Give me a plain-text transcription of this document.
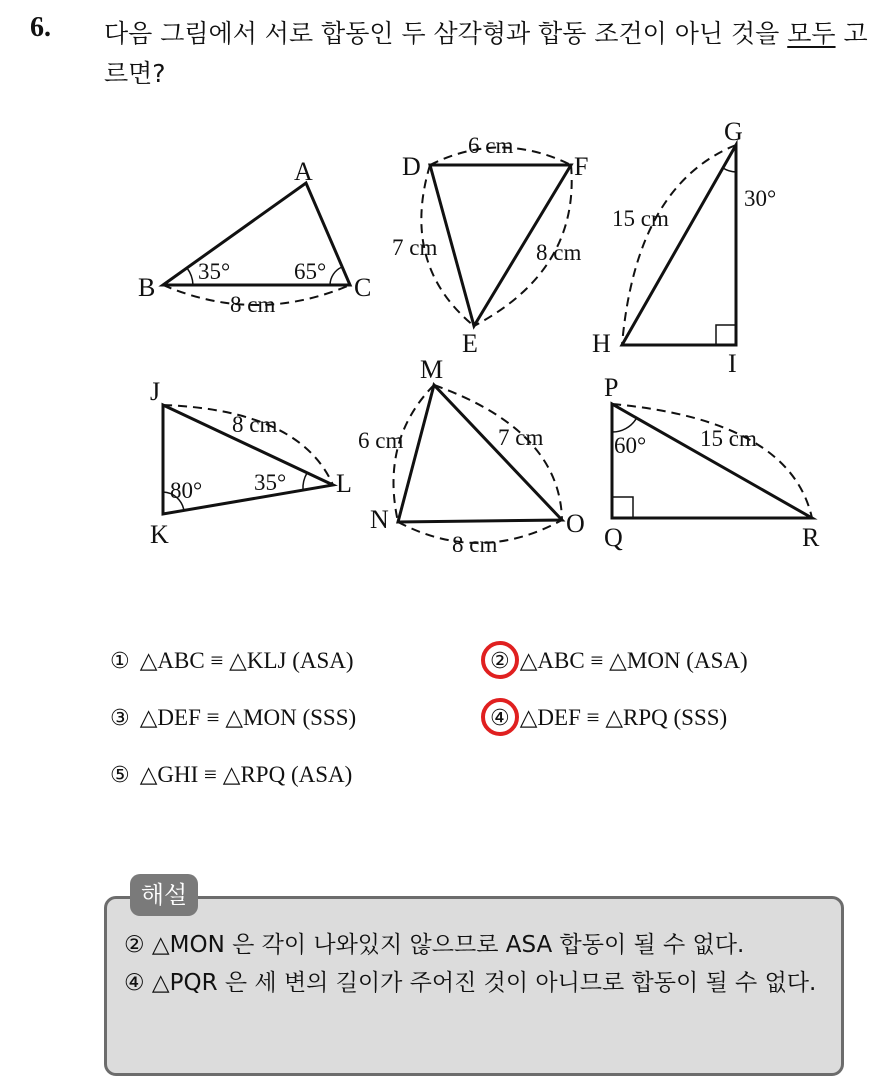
6. 다음 그림에서 서로 합동인 두 삼각형과 합동 조건이 아닌 것을 모두 고르면?
A
B	C
35°	65°
8 cm
D
E
F
6 cm
7 cm	8 cm
G
H
I
15 cm
30°
J
K
L
8 cm
80° 35°
M
N	O
6 cm	7 cm
8 cm
P
Q	R
60° 15 cm
① △ABC ≡ △KLJ (ASA)	② △ABC ≡ △MON (ASA)
③ △DEF ≡ △MON (SSS)	④ △DEF ≡ △RPQ (SSS)
⑤ △GHI ≡ △RPQ (ASA)
해설
② △MON 은 각이 나와있지 않으므로 ASA 합동이 될 수 없다.
④ △PQR 은 세 변의 길이가 주어진 것이 아니므로 합동이 될 수 없다.
